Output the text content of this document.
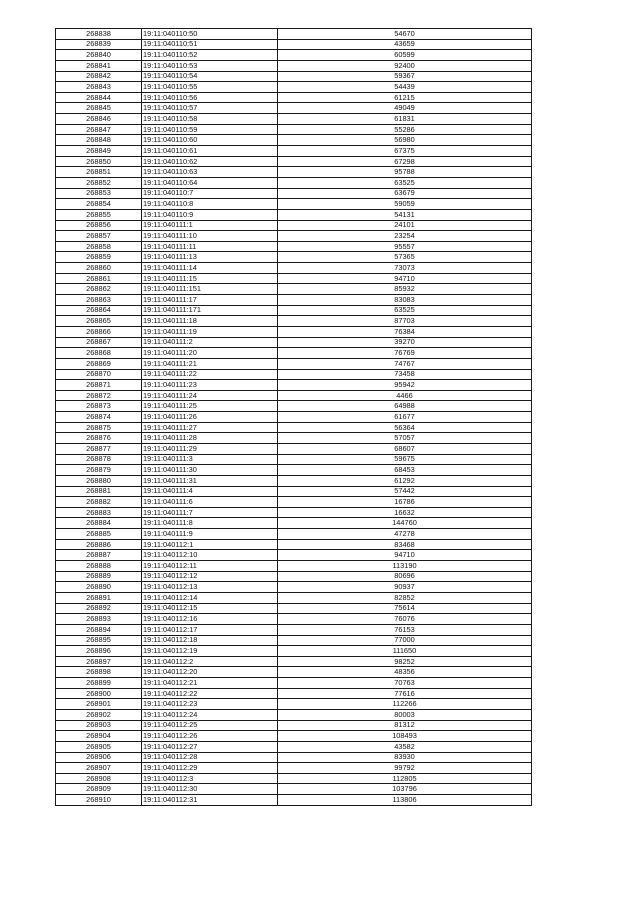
268838	19:11:040110:50	54670
268839	19:11:040110:51	43659
268840	19:11:040110:52	60599
268841	19:11:040110:53	92400
268842	19:11:040110:54	59367
268843	19:11:040110:55	54439
268844	19:11:040110:56	61215
268845	19:11:040110:57	49049
268846	19:11:040110:58	61831
268847	19:11:040110:59	55286
268848	19:11:040110:60	56980
268849	19:11:040110:61	67375
268850	19:11:040110:62	67298
268851	19:11:040110:63	95788
268852	19:11:040110:64	63525
268853	19:11:040110:7	63679
268854	19:11:040110:8	59059
268855	19:11:040110:9	54131
268856	19:11:040111:1	24101
268857	19:11:040111:10	23254
268858	19:11:040111:11	95557
268859	19:11:040111:13	57365
268860	19:11:040111:14	73073
268861	19:11:040111:15	94710
268862	19:11:040111:151	85932
268863	19:11:040111:17	83083
268864	19:11:040111:171	63525
268865	19:11:040111:18	87703
268866	19:11:040111:19	76384
268867	19:11:040111:2	39270
268868	19:11:040111:20	76769
268869	19:11:040111:21	74767
268870	19:11:040111:22	73458
268871	19:11:040111:23	95942
268872	19:11:040111:24	4466
268873	19:11:040111:25	64988
268874	19:11:040111:26	61677
268875	19:11:040111:27	56364
268876	19:11:040111:28	57057
268877	19:11:040111:29	68607
268878	19:11:040111:3	59675
268879	19:11:040111:30	68453
268880	19:11:040111:31	61292
268881	19:11:040111:4	57442
268882	19:11:040111:6	16786
268883	19:11:040111:7	16632
268884	19:11:040111:8	144760
268885	19:11:040111:9	47278
268886	19:11:040112:1	83468
268887	19:11:040112:10	94710
268888	19:11:040112:11	113190
268889	19:11:040112:12	80696
268890	19:11:040112:13	90937
268891	19:11:040112:14	82852
268892	19:11:040112:15	75614
268893	19:11:040112:16	76076
268894	19:11:040112:17	76153
268895	19:11:040112:18	77000
268896	19:11:040112:19	111650
268897	19:11:040112:2	98252
268898	19:11:040112:20	48356
268899	19:11:040112:21	70763
268900	19:11:040112:22	77616
268901	19:11:040112:23	112266
268902	19:11:040112:24	80003
268903	19:11:040112:25	81312
268904	19:11:040112:26	108493
268905	19:11:040112:27	43582
268906	19:11:040112:28	83930
268907	19:11:040112:29	99792
268908	19:11:040112:3	112805
268909	19:11:040112:30	103796
268910	19:11:040112:31	113806
